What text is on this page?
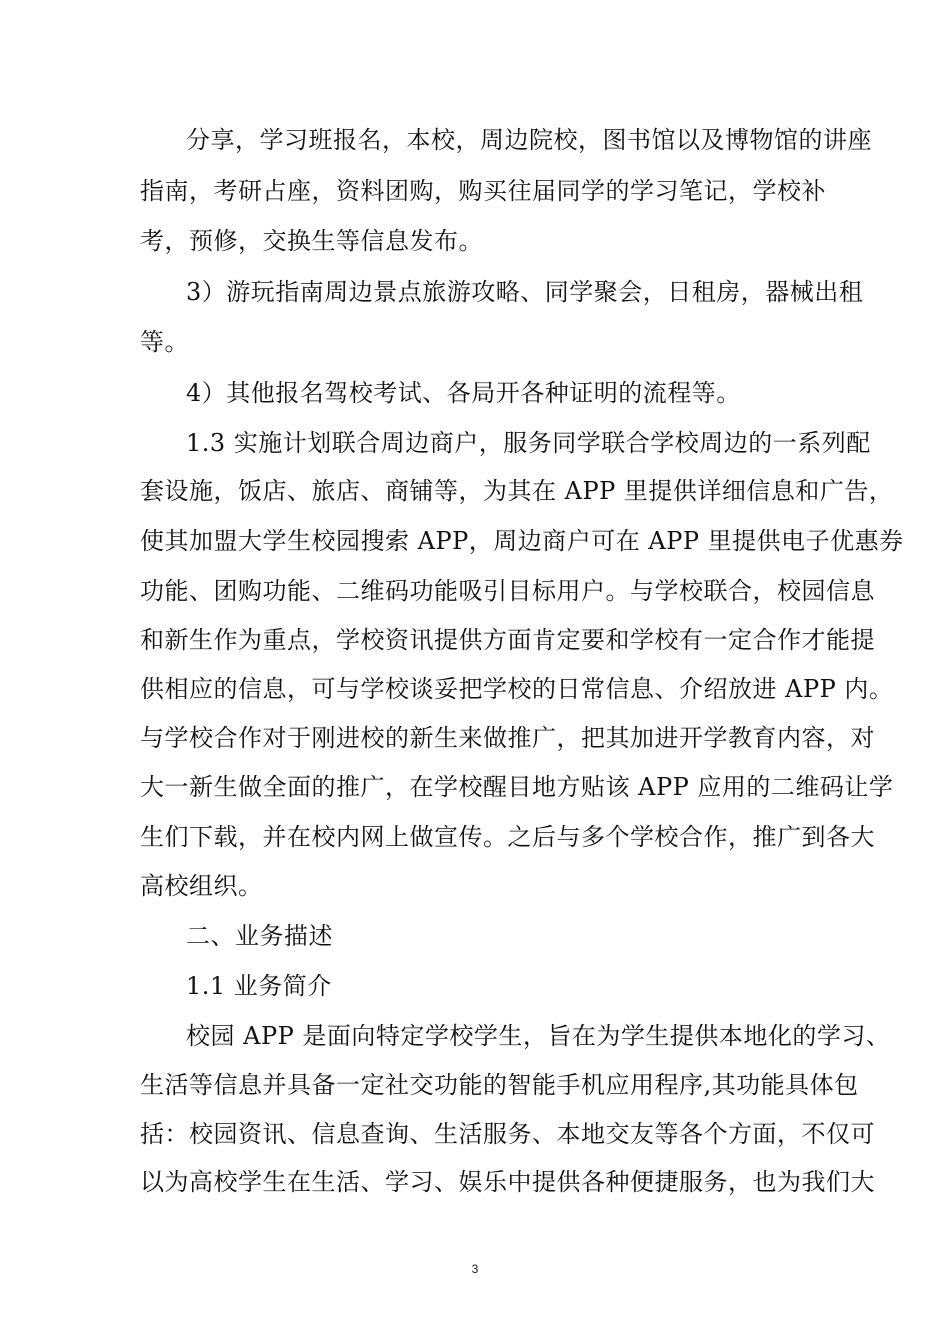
分享，学习班报名，本校，周边院校，图书馆以及博物馆的讲座
指南，考研占座，资料团购，购买往届同学的学习笔记，学校补
考，预修，交换生等信息发布。
3）游玩指南周边景点旅游攻略、同学聚会，日租房，器械出租
等。
4）其他报名驾校考试、各局开各种证明的流程等。
1.3 实施计划联合周边商户，服务同学联合学校周边的一系列配
套设施，饭店、旅店、商铺等，为其在 APP 里提供详细信息和广告，
使其加盟大学生校园搜索 APP，周边商户可在 APP 里提供电子优惠券
功能、团购功能、二维码功能吸引目标用户。与学校联合，校园信息
和新生作为重点，学校资讯提供方面肯定要和学校有一定合作才能提
供相应的信息，可与学校谈妥把学校的日常信息、介绍放进 APP 内。
与学校合作对于刚进校的新生来做推广，把其加进开学教育内容，对
大一新生做全面的推广，在学校醒目地方贴该 APP 应用的二维码让学
生们下载，并在校内网上做宣传。之后与多个学校合作，推广到各大
高校组织。
二、业务描述
1.1 业务简介
校园 APP 是面向特定学校学生，旨在为学生提供本地化的学习、
生活等信息并具备一定社交功能的智能手机应用程序,其功能具体包
括：校园资讯、信息查询、生活服务、本地交友等各个方面，不仅可
以为高校学生在生活、学习、娱乐中提供各种便捷服务，也为我们大
3
